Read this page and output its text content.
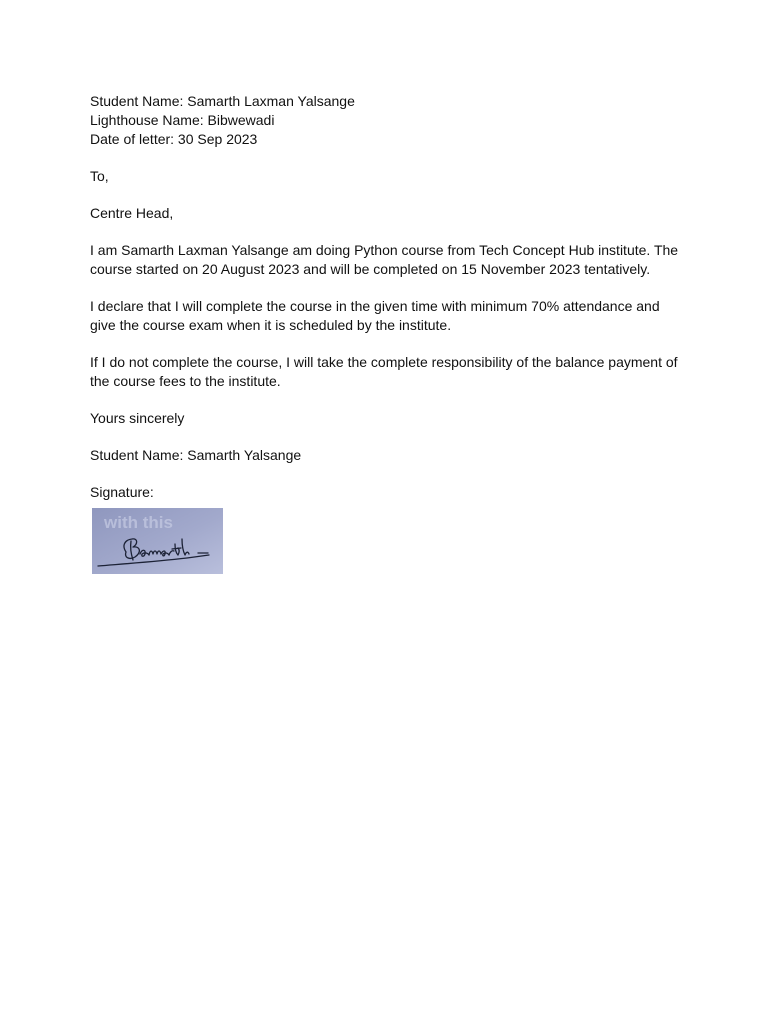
Student Name: Samarth Laxman Yalsange

Lighthouse Name: Bibwewadi

Date of letter: 30 Sep 2023

To,

Centre Head,

I am Samarth Laxman Yalsange am doing Python course from Tech Concept Hub institute. The course started on 20 August 2023 and will be completed on 15 November 2023 tentatively.

I declare that I will complete the course in the given time with minimum 70% attendance and give the course exam when it is scheduled by the institute.

If I do not complete the course, I will take the complete responsibility of the balance payment of the course fees to the institute.

Yours sincerely

Student Name: Samarth Yalsange

Signature:

with this
